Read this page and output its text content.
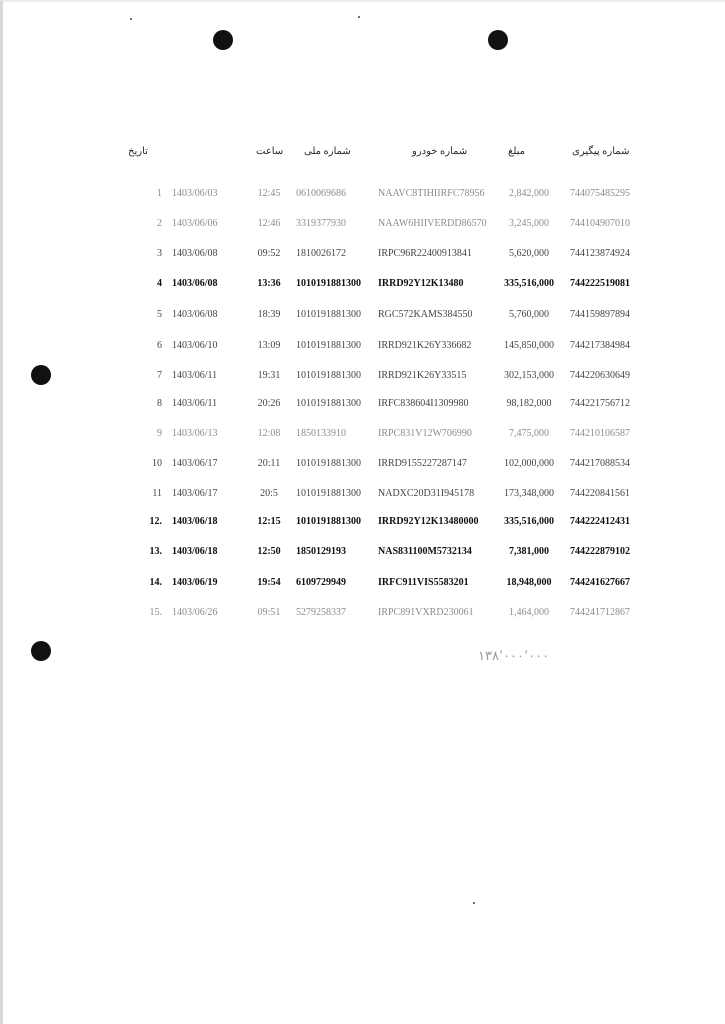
تاریخ	ساعت شماره ملی	شماره خودرو	مبلغ	شماره پیگیری
1 1403/06/03	12:45	0610069686	NAAVC8TIHIIRFC78956	2,842,000	744075485295
2 1403/06/06	12:46	3319377930	NAAW6HIIVERDD86570	3,245,000	744104907010
3 1403/06/08	09:52	1810026172	IRPC96R22400913841	5,620,000	744123874924
4 1403/06/08	13:36	1010191881300 IRRD92Y12K13480	335,516,000	744222519081
5 1403/06/08	18:39	1010191881300 RGC572KAMS384550	5,760,000	744159897894
6 1403/06/10	13:09	1010191881300 IRRD921K26Y336682	145,850,000	744217384984
7 1403/06/11	19:31	1010191881300 IRRD921K26Y33515	302,153,000	744220630649
8 1403/06/11	20:26	1010191881300 IRFC838604I1309980	98,182,000	744221756712
9 1403/06/13	12:08	1850133910	IRPC831V12W706990	7,475,000	744210106587
10 1403/06/17	20:11	1010191881300 IRRD9155227287147	102,000,000	744217088534
11 1403/06/17	20:5	1010191881300 NADXC20D31I945178	173,348,000	744220841561
12. 1403/06/18	12:15	1010191881300 IRRD92Y12K13480000	335,516,000	744222412431
13. 1403/06/18	12:50	1850129193	NAS831100M5732134	7,381,000	744222879102
14. 1403/06/19	19:54	6109729949	IRFC911VIS5583201	18,948,000	744241627667
15. 1403/06/26	09:51	5279258337	IRPC891VXRD230061	1,464,000	744241712867
۱۳۸٬۰۰۰٬۰۰۰
